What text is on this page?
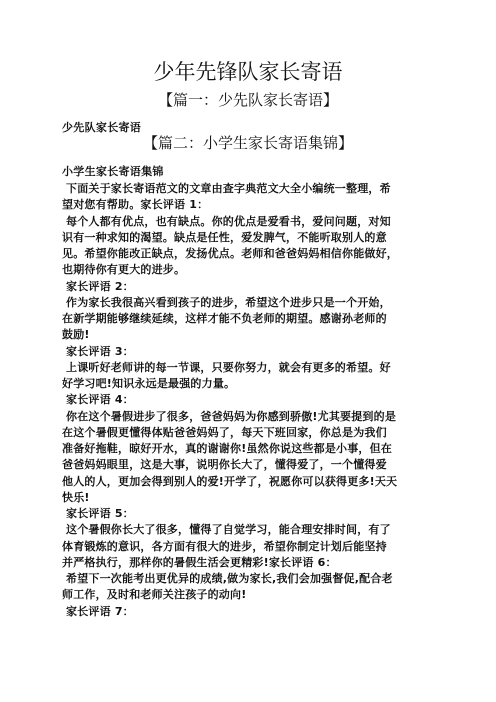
少年先锋队家长寄语
【篇一：少先队家长寄语】
少先队家长寄语
【篇二：小学生家长寄语集锦】
小学生家长寄语集锦
下面关于家长寄语范文的文章由查字典范文大全小编统一整理，希
望对您有帮助。家长评语 1：
每个人都有优点，也有缺点。你的优点是爱看书，爱问问题，对知
识有一种求知的渴望。缺点是任性，爱发脾气，不能听取别人的意
见。希望你能改正缺点，发扬优点。老师和爸爸妈妈相信你能做好，
也期待你有更大的进步。
家长评语 2：
作为家长我很高兴看到孩子的进步，希望这个进步只是一个开始，
在新学期能够继续延续，这样才能不负老师的期望。感谢孙老师的
鼓励!
家长评语 3：
上课听好老师讲的每一节课，只要你努力，就会有更多的希望。好
好学习吧!知识永远是最强的力量。
家长评语 4：
你在这个暑假进步了很多，爸爸妈妈为你感到骄傲!尤其要提到的是
在这个暑假更懂得体贴爸爸妈妈了，每天下班回家，你总是为我们
准备好拖鞋，晾好开水，真的谢谢你!虽然你说这些都是小事，但在
爸爸妈妈眼里，这是大事，说明你长大了，懂得爱了，一个懂得爱
他人的人，更加会得到别人的爱!开学了，祝愿你可以获得更多!天天
快乐!
家长评语 5：
这个暑假你长大了很多，懂得了自觉学习，能合理安排时间，有了
体育锻炼的意识，各方面有很大的进步，希望你制定计划后能坚持
并严格执行，那样你的暑假生活会更精彩!家长评语 6：
希望下一次能考出更优异的成绩,做为家长,我们会加强督促,配合老
师工作，及时和老师关注孩子的动向!
家长评语 7：
